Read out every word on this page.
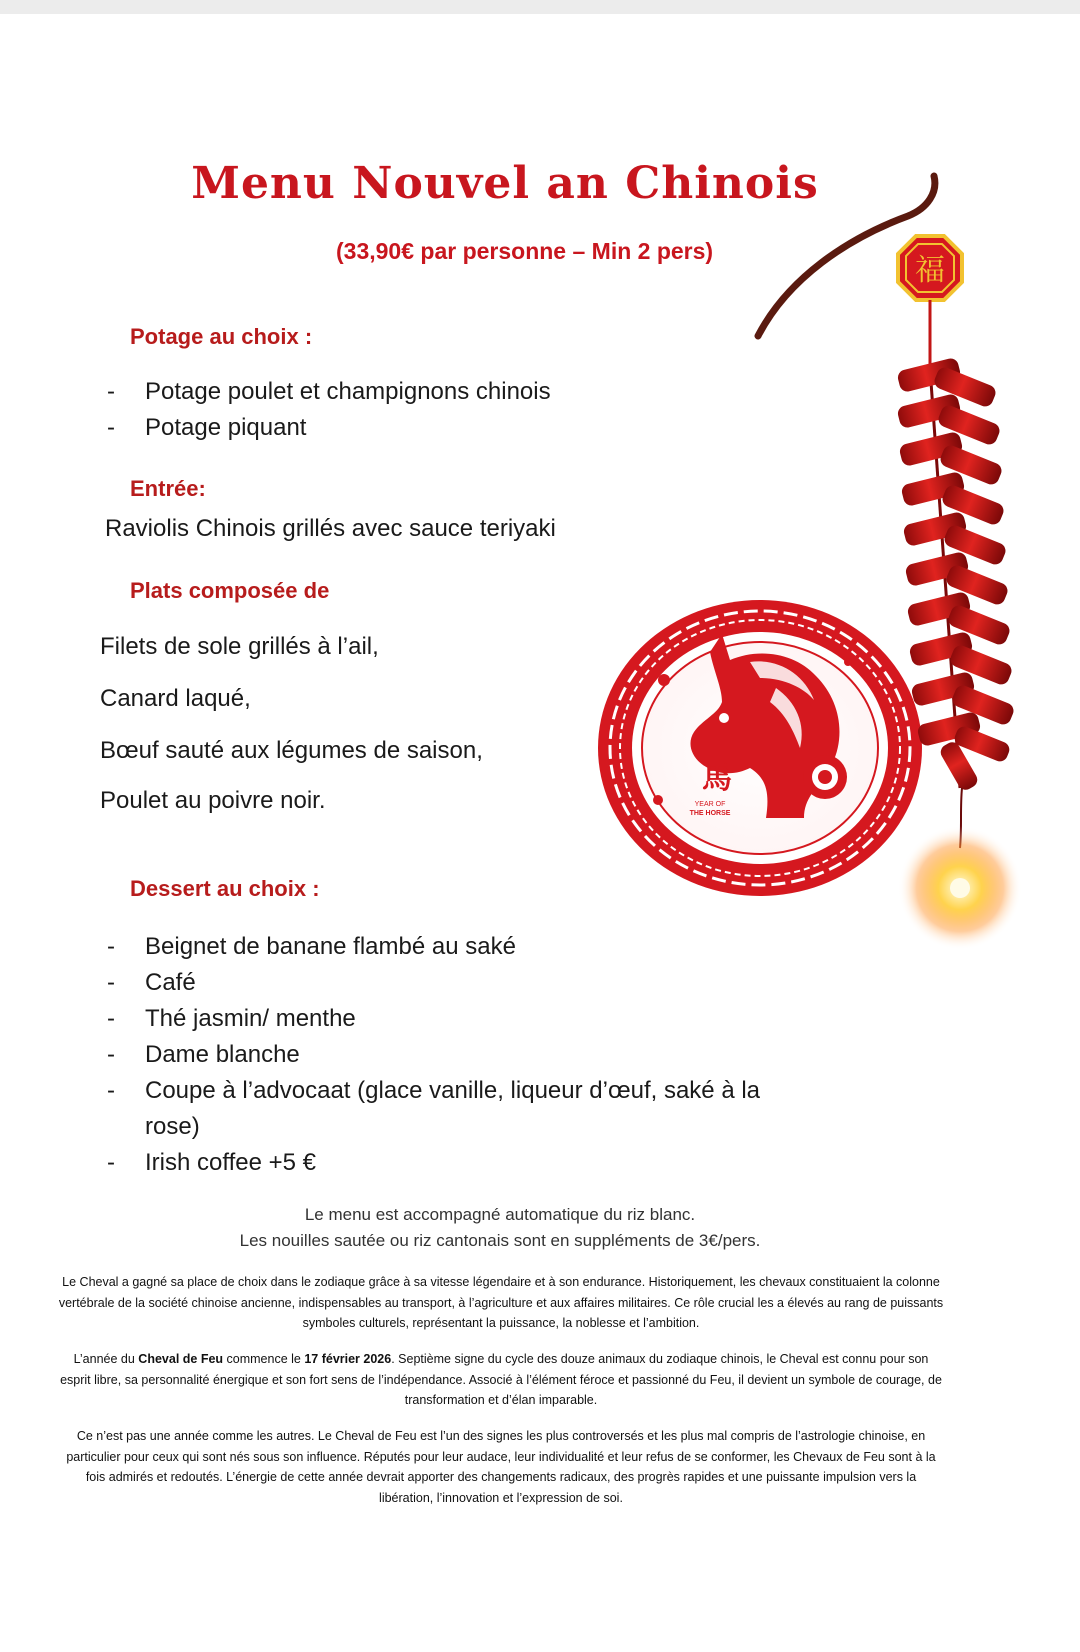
Menu Nouvel an Chinois
(33,90€ par personne – Min 2 pers)
Potage au choix :
- Potage poulet et champignons chinois
- Potage piquant
Entrée:
Raviolis Chinois grillés avec sauce teriyaki
Plats composée de
Filets de sole grillés à l’ail,
Canard laqué,
Bœuf sauté aux légumes de saison,
Poulet au poivre noir.
Dessert au choix :
- Beignet de banane flambé au saké
- Café
- Thé jasmin/ menthe
- Dame blanche
- Coupe à l’advocaat (glace vanille, liqueur d’œuf, saké à la
rose)
- Irish coffee +5 €
Le menu est accompagné automatique du riz blanc.
Les nouilles sautée ou riz cantonais sont en suppléments de 3€/pers.
Le Cheval a gagné sa place de choix dans le zodiaque grâce à sa vitesse légendaire et à son endurance. Historiquement, les chevaux constituaient la colonne vertébrale de la société chinoise ancienne, indispensables au transport, à l’agriculture et aux affaires militaires. Ce rôle crucial les a élevés au rang de puissants symboles culturels, représentant la puissance, la noblesse et l’ambition.
L’année du Cheval de Feu commence le 17 février 2026. Septième signe du cycle des douze animaux du zodiaque chinois, le Cheval est connu pour son esprit libre, sa personnalité énergique et son fort sens de l’indépendance. Associé à l’élément féroce et passionné du Feu, il devient un symbole de courage, de transformation et d’élan imparable.
Ce n’est pas une année comme les autres. Le Cheval de Feu est l’un des signes les plus controversés et les plus mal compris de l’astrologie chinoise, en particulier pour ceux qui sont nés sous son influence. Réputés pour leur audace, leur individualité et leur refus de se conformer, les Chevaux de Feu sont à la fois admirés et redoutés. L’énergie de cette année devrait apporter des changements radicaux, des progrès rapides et une puissante impulsion vers la libération, l’innovation et l’expression de soi.
馬
YEAR OF
THE HORSE
福
